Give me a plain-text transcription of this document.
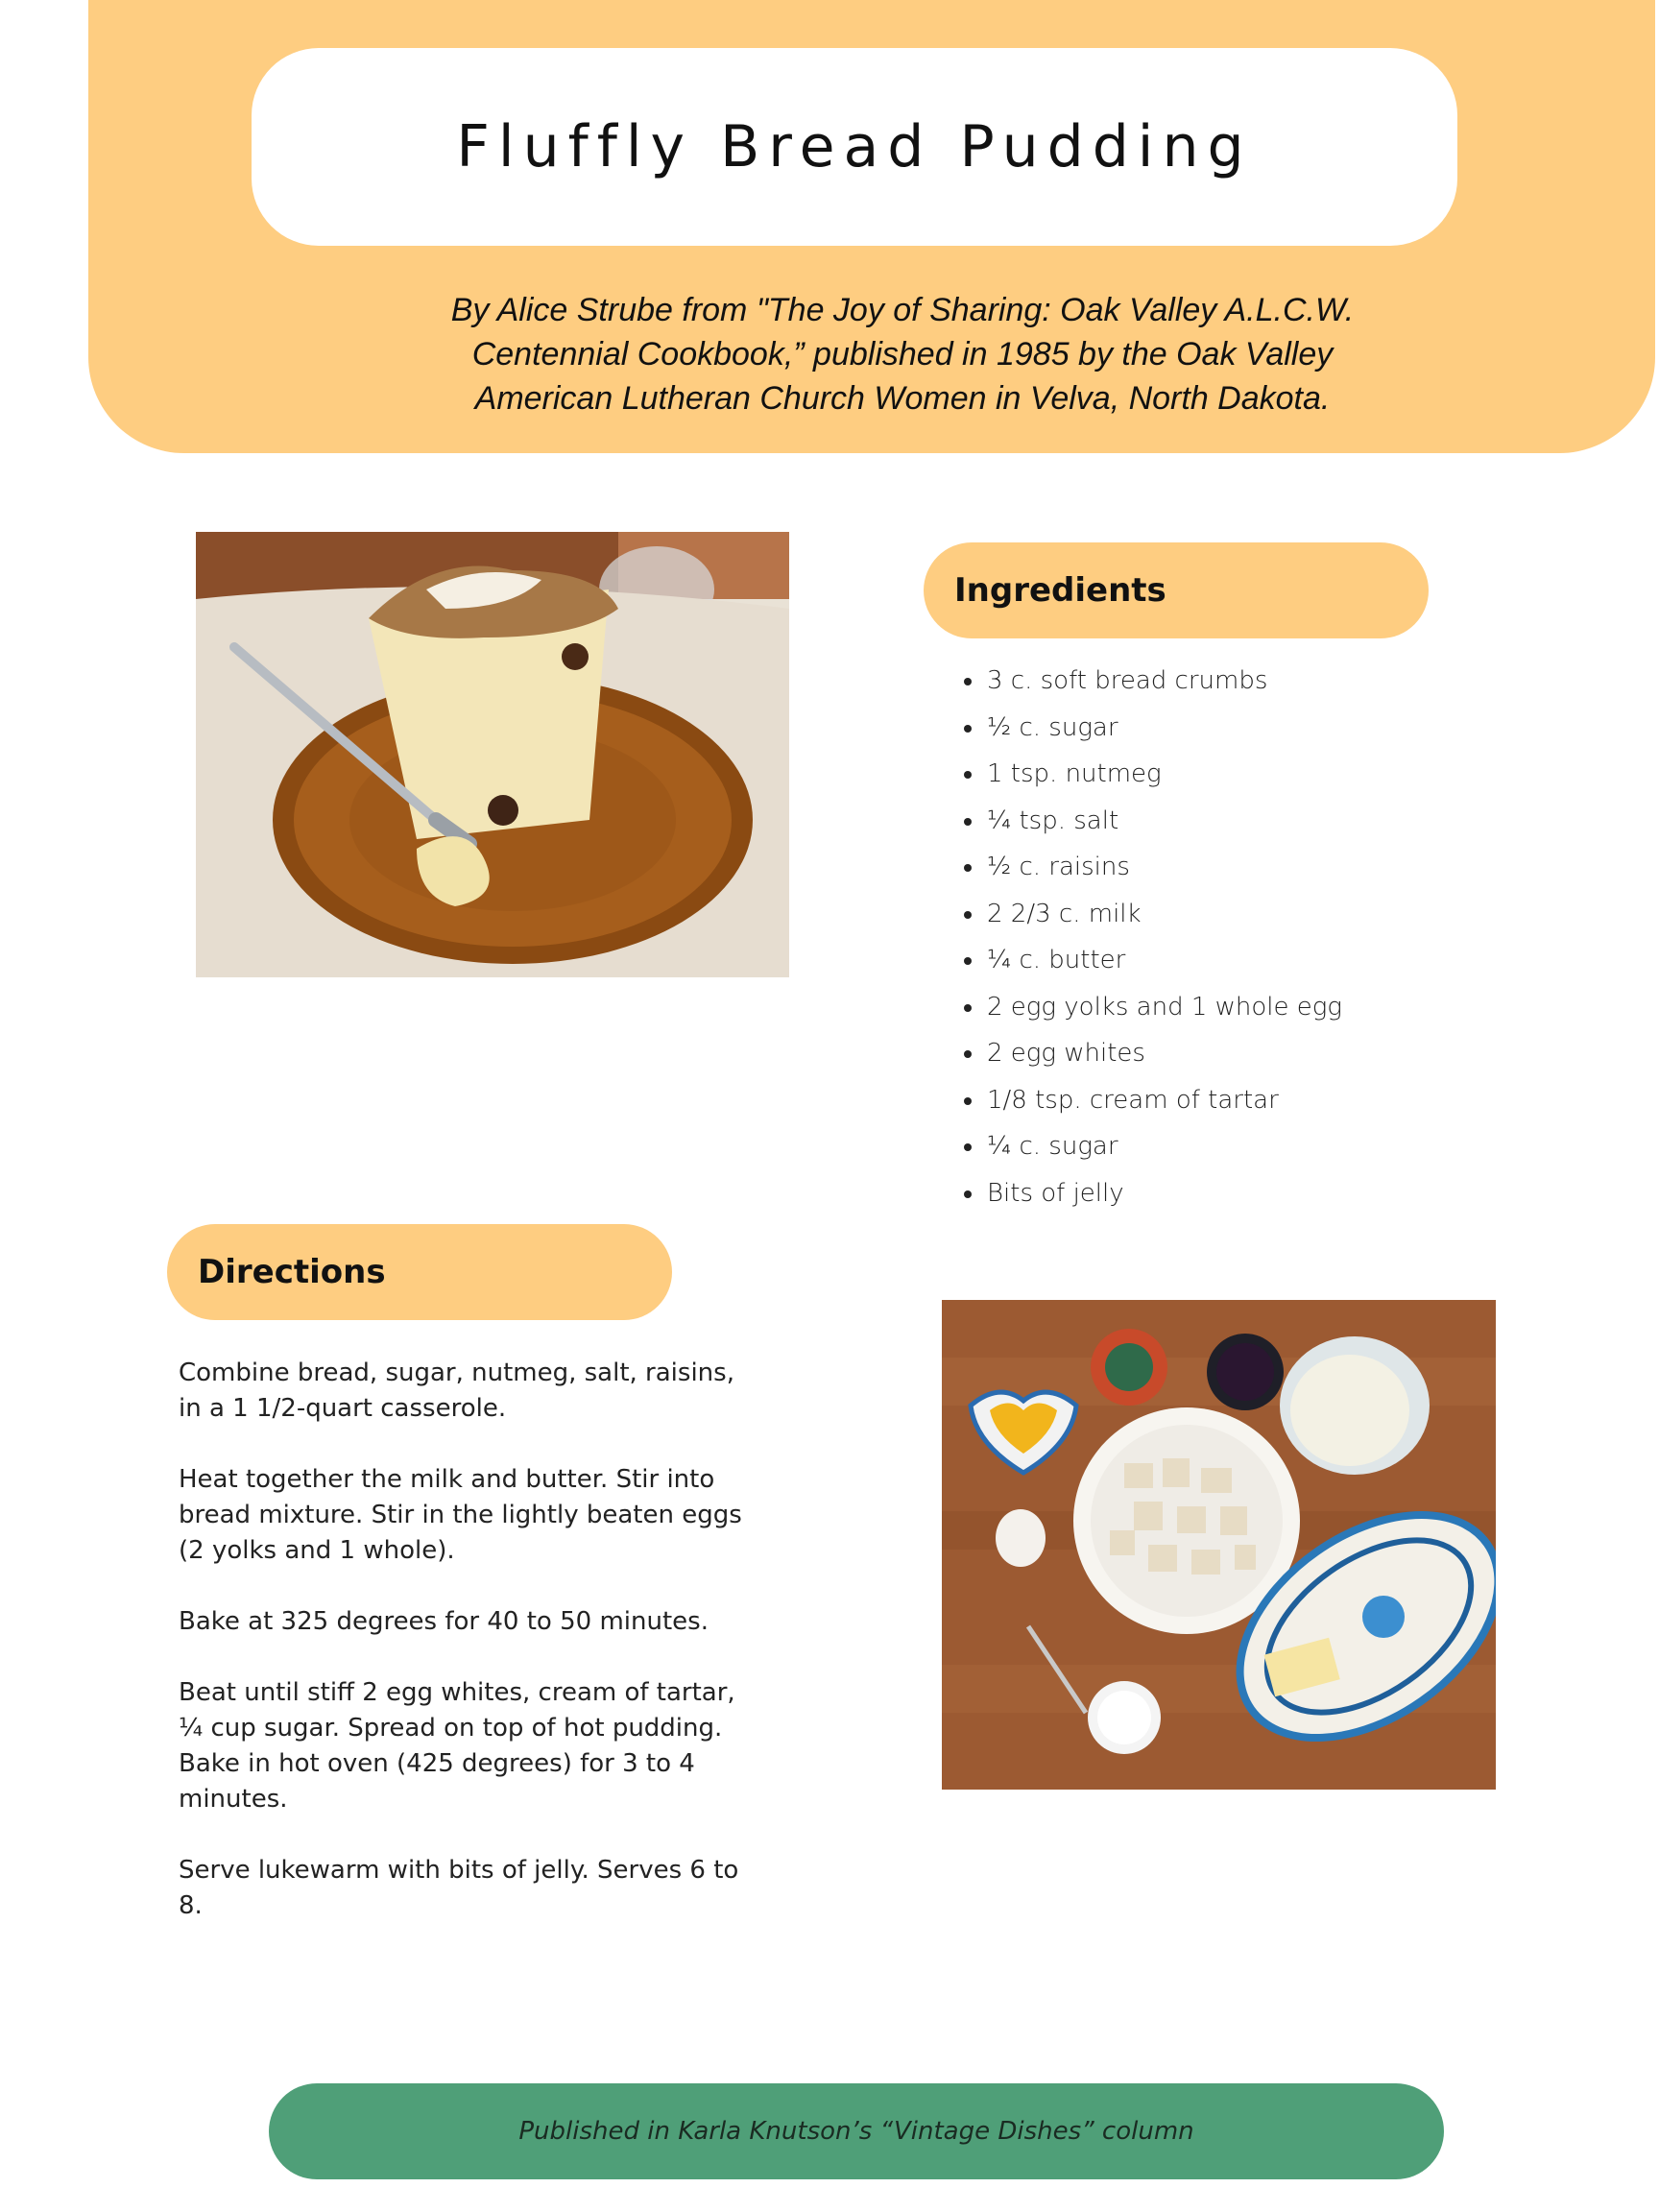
Fluffly Bread Pudding
By Alice Strube from "The Joy of Sharing: Oak Valley A.L.C.W. Centennial Cookbook,” published in 1985 by the Oak Valley American Lutheran Church Women in Velva, North Dakota.
Ingredients
• 3 c. soft bread crumbs
• ½ c. sugar
• 1 tsp. nutmeg
• ¼ tsp. salt
• ½ c. raisins
• 2 2/3 c. milk
• ¼ c. butter
• 2 egg yolks and 1 whole egg
• 2 egg whites
• 1/8 tsp. cream of tartar
• ¼ c. sugar
• Bits of jelly
Directions

Combine bread, sugar, nutmeg, salt, raisins, in a 1 1/2-quart casserole.

Heat together the milk and butter. Stir into bread mixture. Stir in the lightly beaten eggs (2 yolks and 1 whole).

Bake at 325 degrees for 40 to 50 minutes.

Beat until stiff 2 egg whites, cream of tartar, ¼ cup sugar. Spread on top of hot pudding. Bake in hot oven (425 degrees) for 3 to 4 minutes.

Serve lukewarm with bits of jelly. Serves 6 to 8.

Published in Karla Knutson’s “Vintage Dishes” column
